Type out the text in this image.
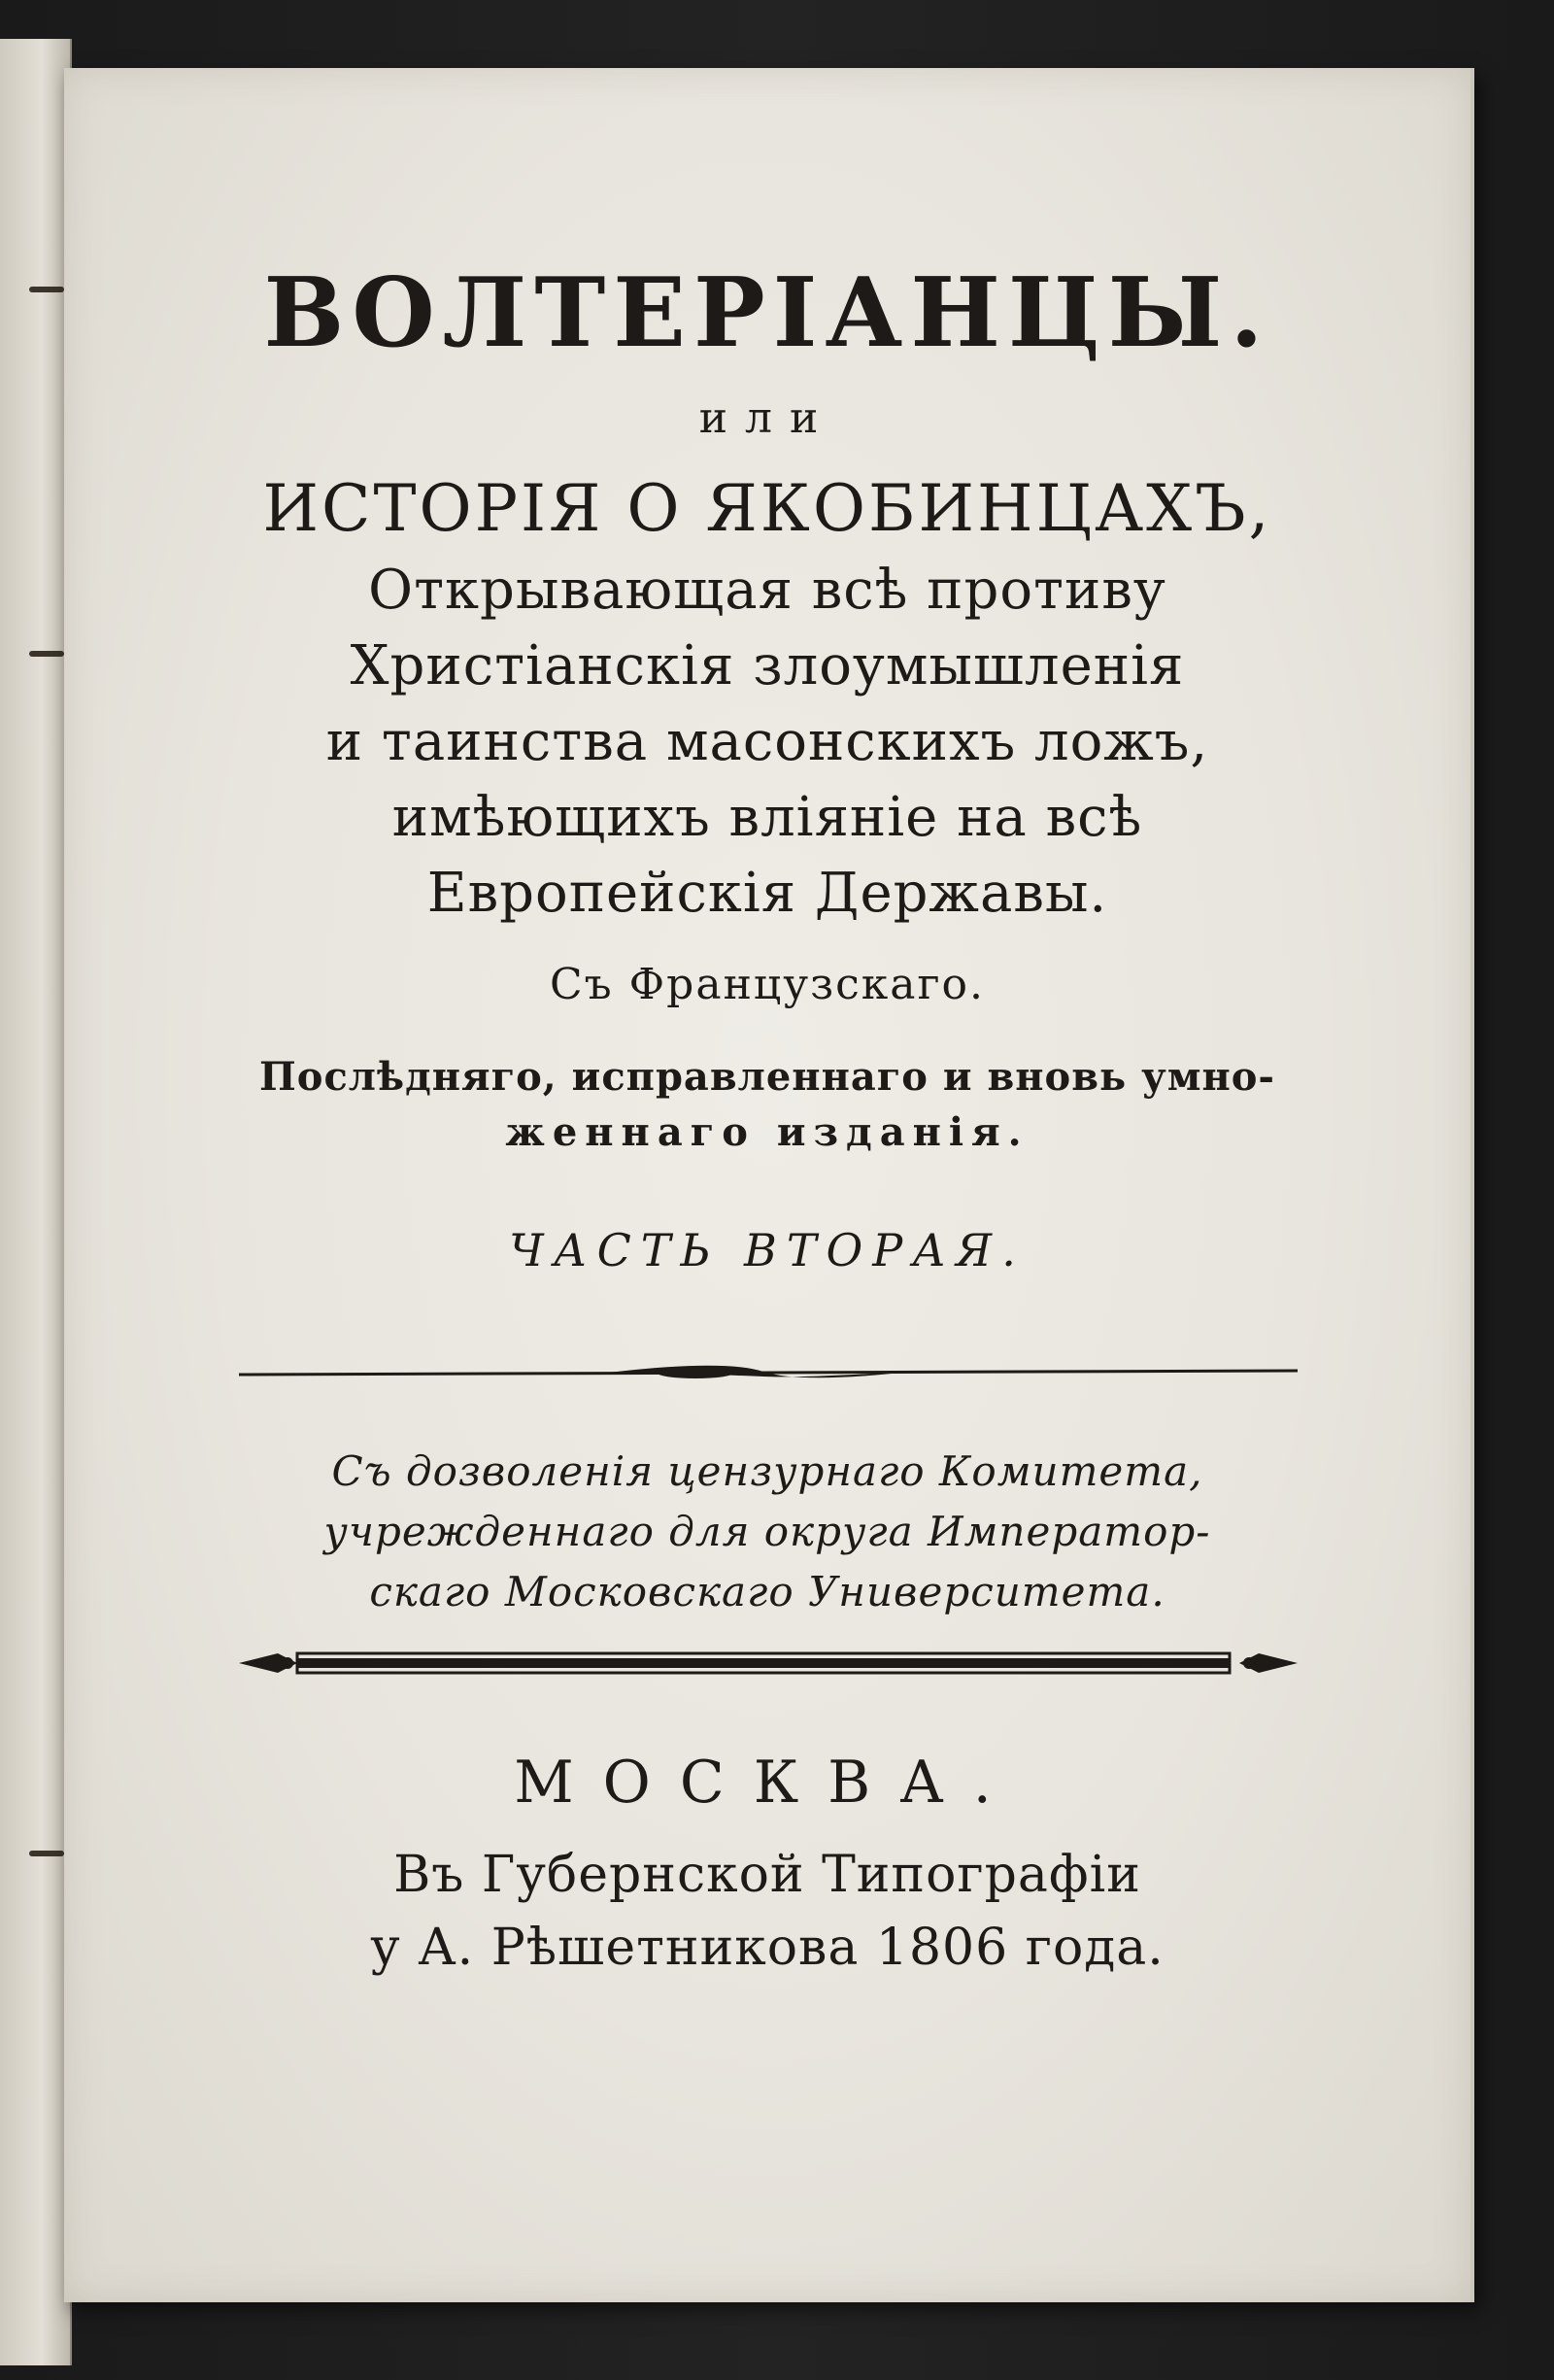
ВОЛТЕРІАНЦЫ.
или
ИСТОРІЯ О ЯКОБИНЦАХЪ,
Открывающая всѣ противу
Христіанскія злоумышленія
и таинства масонскихъ ложъ,
имѣющихъ вліяніе на всѣ
Европейскія Державы.
Съ Французскаго.
Послѣдняго, исправленнаго и вновь умно-
женнаго изданія.
ЧАСТЬ ВТОРАЯ.
Съ дозволенія цензурнаго Комитета,
учрежденнаго для округа Император-
скаго Московскаго Университета.
МОСКВА.
Въ Губернской Типографіи
у А. Рѣшетникова 1806 года.
